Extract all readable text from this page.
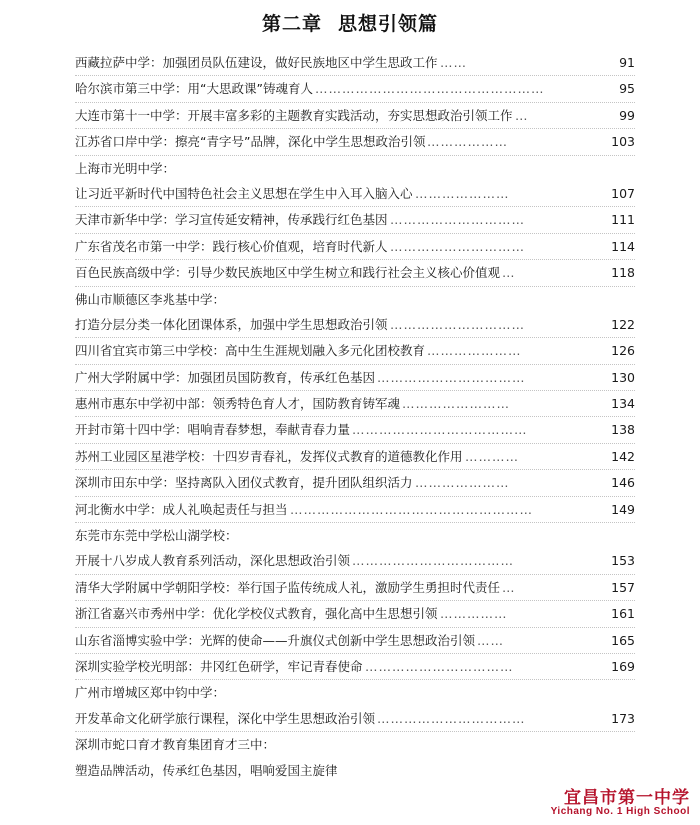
第二章 思想引领篇
西藏拉萨中学：加强团员队伍建设，做好民族地区中学生思政工作 ……	91
哈尔滨市第三中学：用“大思政课”铸魂育人 ……………………………………………	95
大连市第十一中学：开展丰富多彩的主题教育实践活动，夯实思想政治引领工作 …	99
江苏省口岸中学：擦亮“青字号”品牌，深化中学生思想政治引领 ………………	103
上海市光明中学：
让习近平新时代中国特色社会主义思想在学生中入耳入脑入心 …………………	107
天津市新华中学：学习宣传延安精神，传承践行红色基因 …………………………	111
广东省茂名市第一中学：践行核心价值观，培育时代新人 …………………………	114
百色民族高级中学：引导少数民族地区中学生树立和践行社会主义核心价值观 …	118
佛山市顺德区李兆基中学：
打造分层分类一体化团课体系，加强中学生思想政治引领 …………………………	122
四川省宜宾市第三中学校：高中生生涯规划融入多元化团校教育 …………………	126
广州大学附属中学：加强团员国防教育，传承红色基因 ……………………………	130
惠州市惠东中学初中部：领秀特色育人才，国防教育铸军魂 ……………………	134
开封市第十四中学：唱响青春梦想，奉献青春力量 …………………………………	138
苏州工业园区星港学校：十四岁青春礼，发挥仪式教育的道德教化作用 …………	142
深圳市田东中学：坚持离队入团仪式教育，提升团队组织活力 …………………	146
河北衡水中学：成人礼唤起责任与担当 ………………………………………………	149
东莞市东莞中学松山湖学校：
开展十八岁成人教育系列活动，深化思想政治引领 ………………………………	153
清华大学附属中学朝阳学校：举行国子监传统成人礼，激励学生勇担时代责任 …	157
浙江省嘉兴市秀州中学：优化学校仪式教育，强化高中生思想引领 ……………	161
山东省淄博实验中学：光辉的使命——升旗仪式创新中学生思想政治引领 ……	165
深圳实验学校光明部：井冈红色研学，牢记青春使命 ……………………………	169
广州市增城区郑中钧中学：
开发革命文化研学旅行课程，深化中学生思想政治引领 ……………………………	173
深圳市蛇口育才教育集团育才三中：
塑造品牌活动，传承红色基因，唱响爱国主旋律
宜昌市第一中学
Yichang No. 1 High School
